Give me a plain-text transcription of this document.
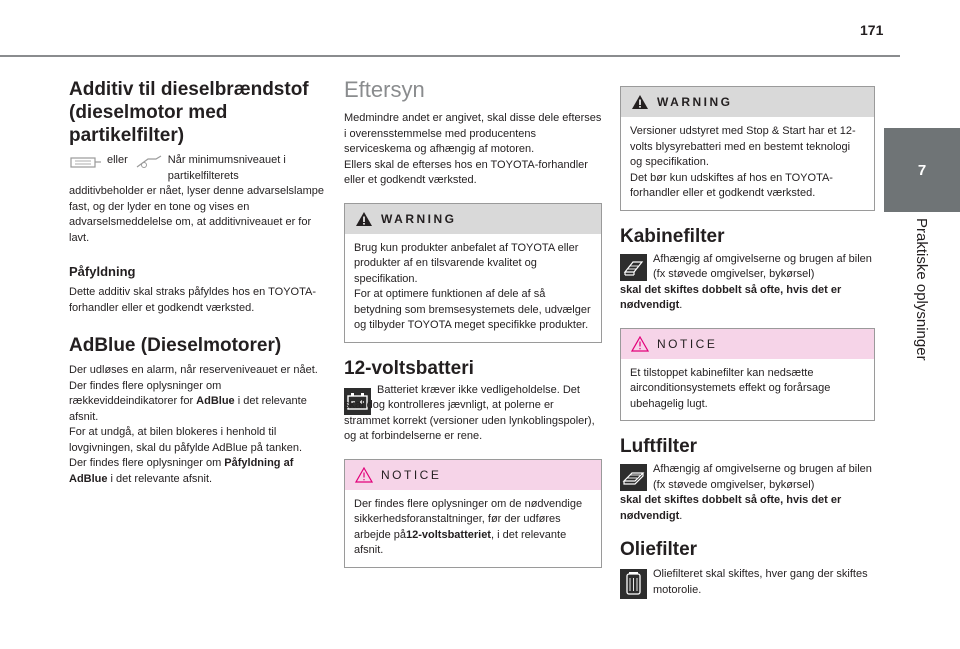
171
7
Praktiske oplysninger
Additiv til dieselbrændstof (dieselmotor med partikelfilter)

eller	Når minimumsniveauet i partikelfilterets

additivbeholder er nået, lyser denne advarselslampe fast, og der lyder en tone og vises en advarselsmeddelelse om, at additivniveauet er for lavt.

Påfyldning

Dette additiv skal straks påfyldes hos en TOYOTA-forhandler eller et godkendt værksted.

AdBlue (Dieselmotorer)

Der udløses en alarm, når reserveniveauet er nået.

Der findes flere oplysninger om rækkeviddeindikatorer for AdBlue i det relevante afsnit.

For at undgå, at bilen blokeres i henhold til lovgivningen, skal du påfylde AdBlue på tanken.

Der findes flere oplysninger om Påfyldning af AdBlue i det relevante afsnit.

Eftersyn

Medmindre andet er angivet, skal disse dele efterses i overensstemmelse med producentens serviceskema og afhængig af motoren.

Ellers skal de efterses hos en TOYOTA-forhandler eller et godkendt værksted.

WARNING

Brug kun produkter anbefalet af TOYOTA eller produkter af en tilsvarende kvalitet og specifikation.

For at optimere funktionen af dele af så betydning som bremsesystemets dele, udvælger og tilbyder TOYOTA meget specifikke produkter.

12-voltsbatteri

Batteriet kræver ikke vedligeholdelse. Det skal dog kontrolleres jævnligt, at polerne er strammet korrekt (versioner uden lynkoblingspoler), og at forbindelserne er rene.

NOTICE

Der findes flere oplysninger om de nødvendige sikkerhedsforanstaltninger, før der udføres arbejde på12-voltsbatteriet, i det relevante afsnit.

WARNING

Versioner udstyret med Stop & Start har et 12-volts blysyrebatteri med en bestemt teknologi og specifikation.

Det bør kun udskiftes af hos en TOYOTA-forhandler eller et godkendt værksted.

Kabinefilter

Afhængig af omgivelserne og brugen af bilen (fx støvede omgivelser, bykørsel)

skal det skiftes dobbelt så ofte, hvis det er nødvendigt.

NOTICE

Et tilstoppet kabinefilter kan nedsætte airconditionsystemets effekt og forårsage ubehagelig lugt.

Luftfilter

Afhængig af omgivelserne og brugen af bilen (fx støvede omgivelser, bykørsel)

skal det skiftes dobbelt så ofte, hvis det er nødvendigt.

Oliefilter

Oliefilteret skal skiftes, hver gang der skiftes motorolie.
